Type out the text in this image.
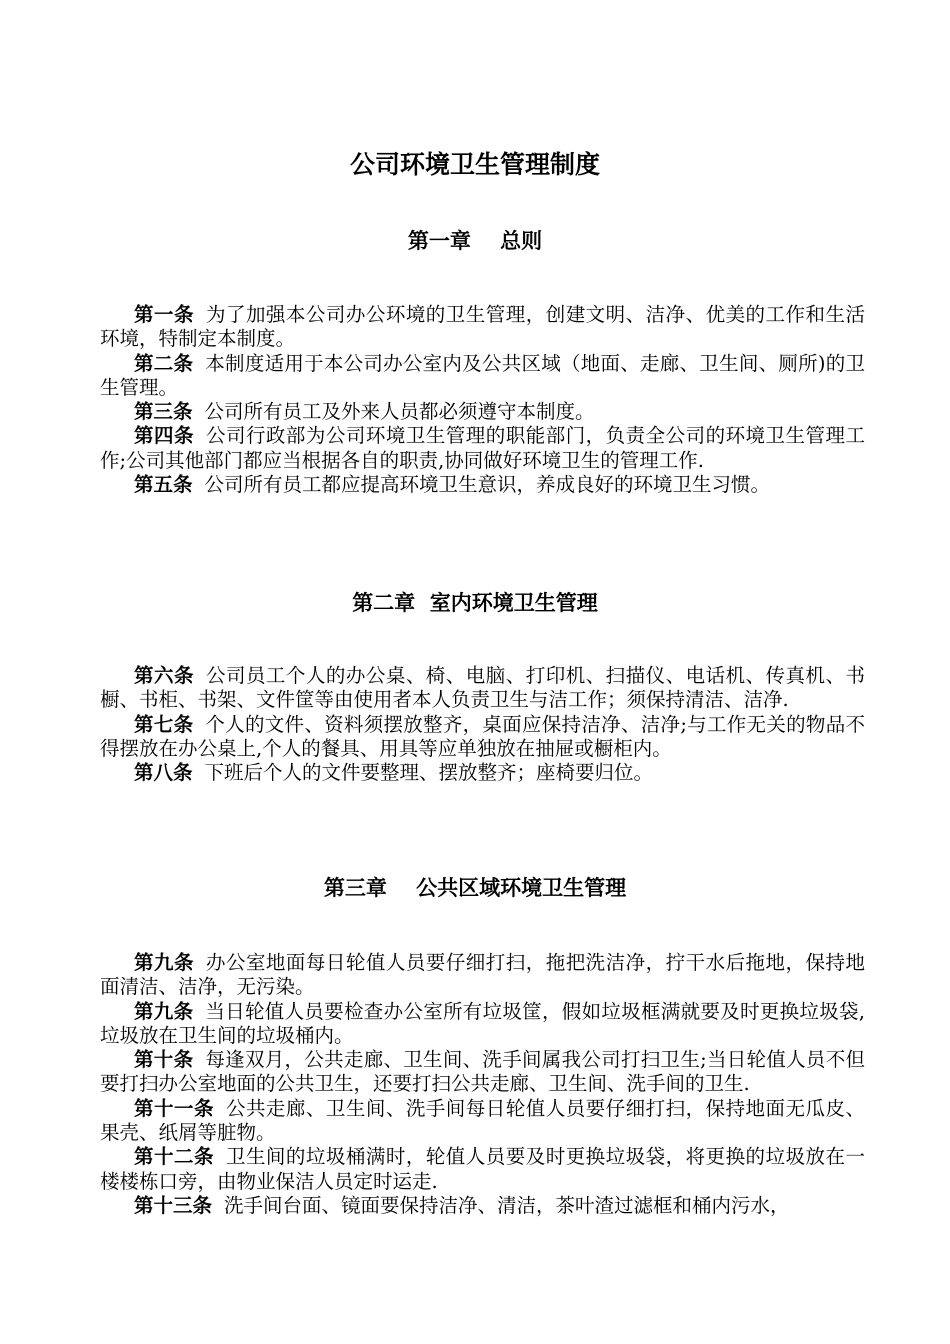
公司环境卫生管理制度
第一章    总则

第一条 为了加强本公司办公环境的卫生管理，创建文明、洁净、优美的工作和生活环境，特制定本制度。

第二条 本制度适用于本公司办公室内及公共区域（地面、走廊、卫生间、厕所)的卫生管理。

第三条 公司所有员工及外来人员都必须遵守本制度。

第四条 公司行政部为公司环境卫生管理的职能部门，负责全公司的环境卫生管理工作;公司其他部门都应当根据各自的职责,协同做好环境卫生的管理工作.

第五条 公司所有员工都应提高环境卫生意识，养成良好的环境卫生习惯。

第二章  室内环境卫生管理

第六条 公司员工个人的办公桌、椅、电脑、打印机、扫描仪、电话机、传真机、书橱、书柜、书架、文件筐等由使用者本人负责卫生与洁工作；须保持清洁、洁净.

第七条 个人的文件、资料须摆放整齐，桌面应保持洁净、洁净;与工作无关的物品不得摆放在办公桌上,个人的餐具、用具等应单独放在抽屉或橱柜内。

第八条 下班后个人的文件要整理、摆放整齐；座椅要归位。

第三章    公共区域环境卫生管理

第九条 办公室地面每日轮值人员要仔细打扫，拖把洗洁净，拧干水后拖地，保持地面清洁、洁净，无污染。

第九条 当日轮值人员要检查办公室所有垃圾筐，假如垃圾框满就要及时更换垃圾袋,垃圾放在卫生间的垃圾桶内。

第十条 每逢双月，公共走廊、卫生间、洗手间属我公司打扫卫生;当日轮值人员不但要打扫办公室地面的公共卫生，还要打扫公共走廊、卫生间、洗手间的卫生.

第十一条 公共走廊、卫生间、洗手间每日轮值人员要仔细打扫，保持地面无瓜皮、果壳、纸屑等脏物。

第十二条 卫生间的垃圾桶满时，轮值人员要及时更换垃圾袋，将更换的垃圾放在一楼楼栋口旁，由物业保洁人员定时运走.

第十三条 洗手间台面、镜面要保持洁净、清洁，茶叶渣过滤框和桶内污水，
